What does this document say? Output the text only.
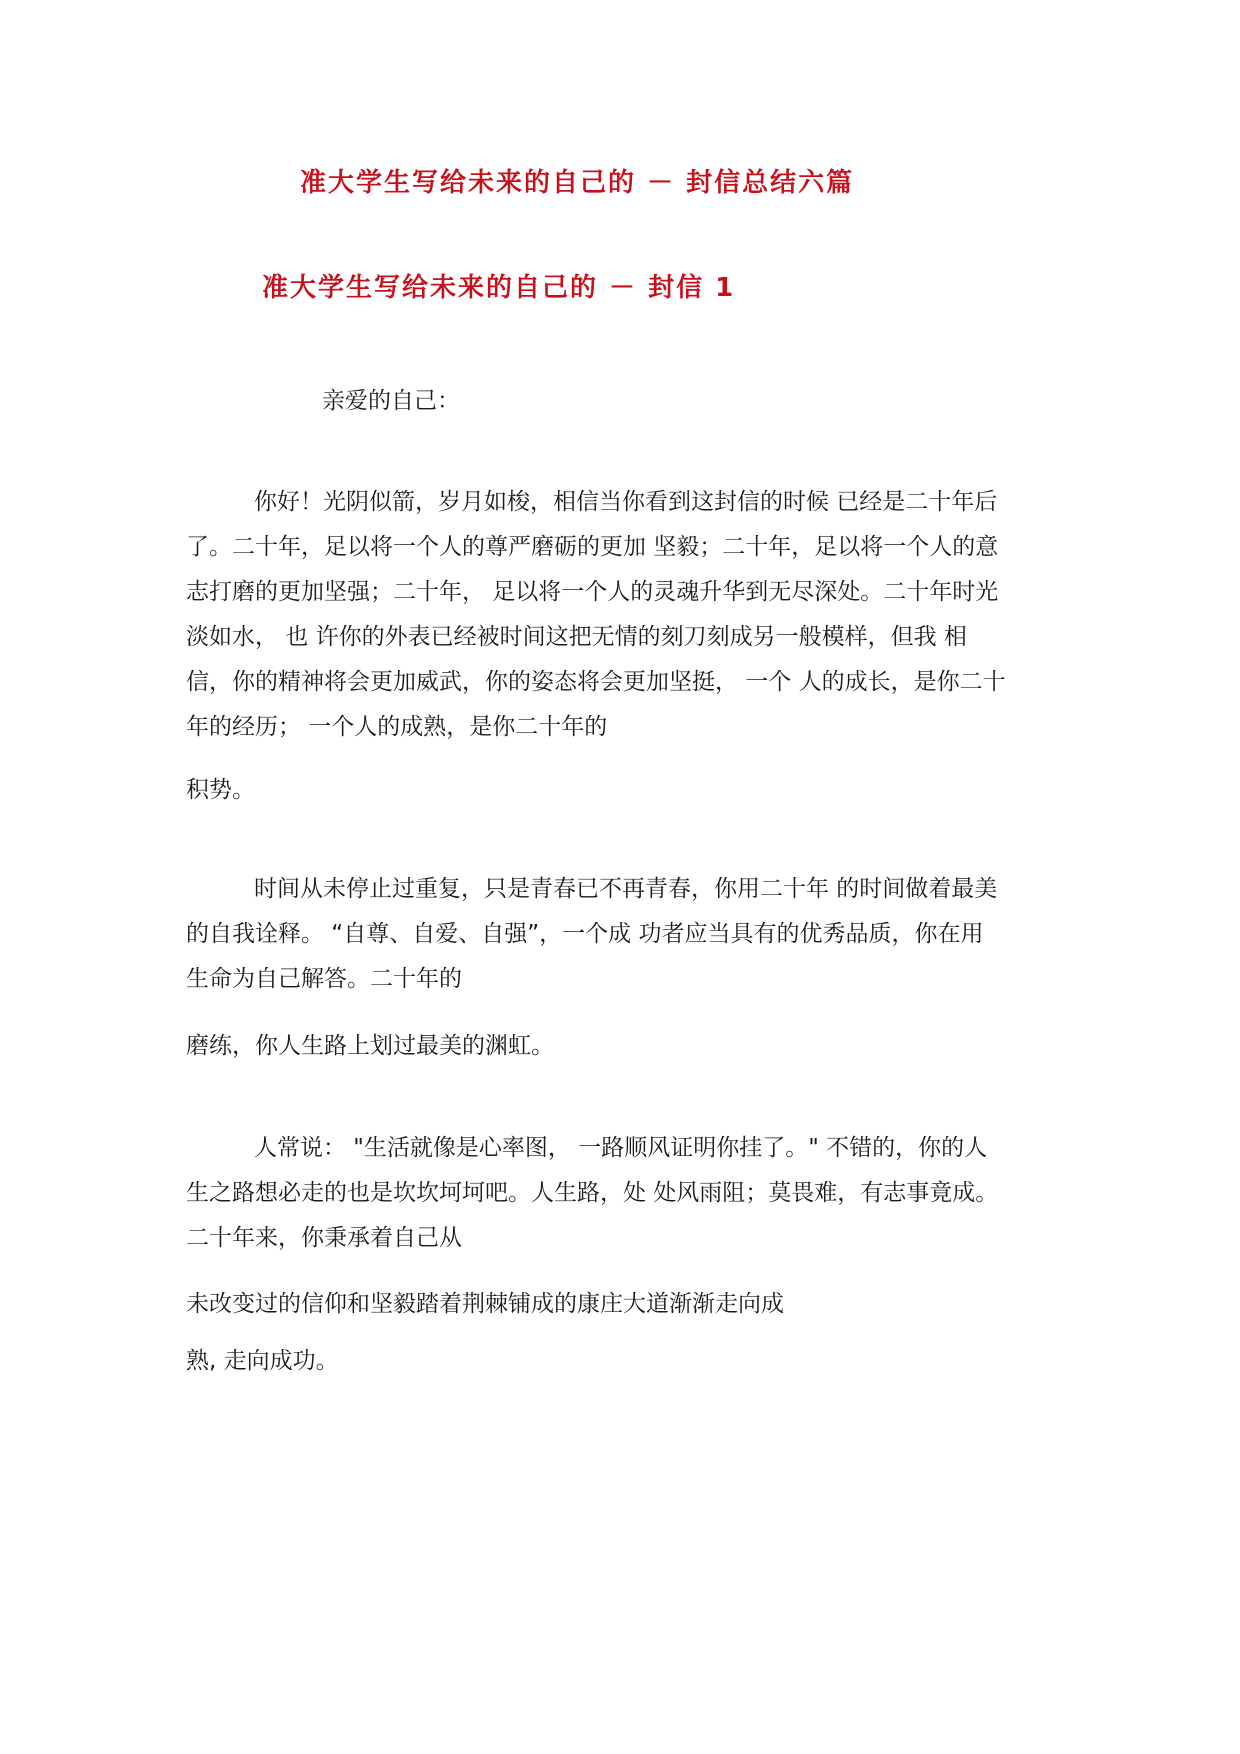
准大学生写给未来的自己的 － 封信总结六篇
准大学生写给未来的自己的 － 封信 1

亲爱的自己：

你好！光阴似箭，岁月如梭，相信当你看到这封信的时候 已经是二十年后
了。二十年，足以将一个人的尊严磨砺的更加 坚毅；二十年，足以将一个人的意
志打磨的更加坚强；二十年， 足以将一个人的灵魂升华到无尽深处。二十年时光
淡如水， 也 许你的外表已经被时间这把无情的刻刀刻成另一般模样，但我 相
信，你的精神将会更加威武，你的姿态将会更加坚挺， 一个 人的成长，是你二十
年的经历； 一个人的成熟，是你二十年的
积势。
时间从未停止过重复，只是青春已不再青春，你用二十年 的时间做着最美
的自我诠释。 “自尊、自爱、自强”，一个成 功者应当具有的优秀品质，你在用
生命为自己解答。二十年的
磨练，你人生路上划过最美的渊虹。
人常说： "生活就像是心率图， 一路顺风证明你挂了。" 不错的，你的人
生之路想必走的也是坎坎坷坷吧。人生路，处 处风雨阻；莫畏难，有志事竟成。
二十年来，你秉承着自己从
未改变过的信仰和坚毅踏着荆棘铺成的康庄大道渐渐走向成
熟, 走向成功。
